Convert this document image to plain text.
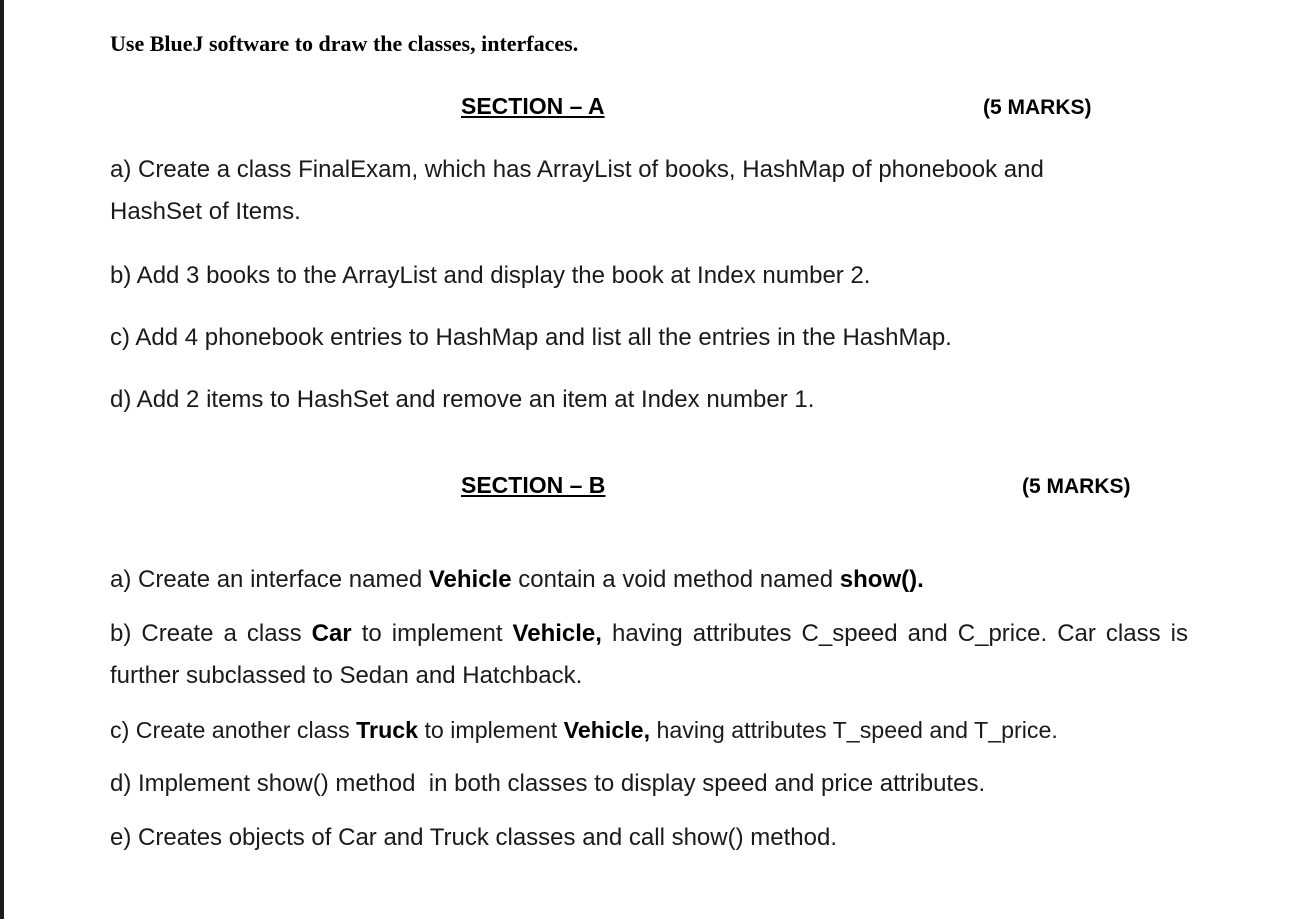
Use BlueJ software to draw the classes, interfaces.
SECTION – A	(5 MARKS)
a) Create a class FinalExam, which has ArrayList of books, HashMap of phonebook and
HashSet of Items.
b) Add 3 books to the ArrayList and display the book at Index number 2.
c) Add 4 phonebook entries to HashMap and list all the entries in the HashMap.
d) Add 2 items to HashSet and remove an item at Index number 1.
SECTION – B	(5 MARKS)
a) Create an interface named Vehicle contain a void method named show().
b) Create a class Car to implement Vehicle, having attributes C_speed and C_price. Car class is further subclassed to Sedan and Hatchback.
c) Create another class Truck to implement Vehicle, having attributes T_speed and T_price.
d) Implement show() method  in both classes to display speed and price attributes.
e) Creates objects of Car and Truck classes and call show() method.
